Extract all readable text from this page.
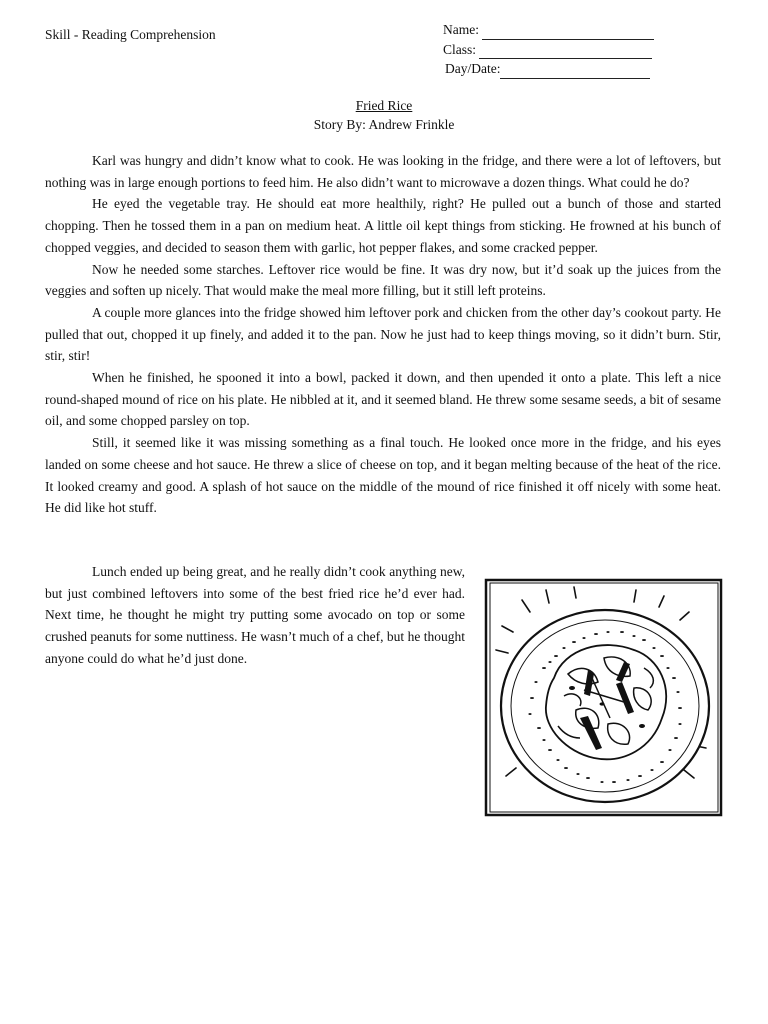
Skill - Reading Comprehension	Name:
Class:
Day/Date:
Fried Rice
Story By: Andrew Frinkle

Karl was hungry and didn’t know what to cook. He was looking in the fridge, and there were a lot of leftovers, but nothing was in large enough portions to feed him. He also didn’t want to microwave a dozen things. What could he do?

He eyed the vegetable tray. He should eat more healthily, right? He pulled out a bunch of those and started chopping. Then he tossed them in a pan on medium heat. A little oil kept things from sticking. He frowned at his bunch of chopped veggies, and decided to season them with garlic, hot pepper flakes, and some cracked pepper.

Now he needed some starches. Leftover rice would be fine. It was dry now, but it’d soak up the juices from the veggies and soften up nicely. That would make the meal more filling, but it still left proteins.

A couple more glances into the fridge showed him leftover pork and chicken from the other day’s cookout party. He pulled that out, chopped it up finely, and added it to the pan. Now he just had to keep things moving, so it didn’t burn. Stir, stir, stir!

When he finished, he spooned it into a bowl, packed it down, and then upended it onto a plate. This left a nice round-shaped mound of rice on his plate. He nibbled at it, and it seemed bland. He threw some sesame seeds, a bit of sesame oil, and some chopped parsley on top.

Still, it seemed like it was missing something as a final touch. He looked once more in the fridge, and his eyes landed on some cheese and hot sauce. He threw a slice of cheese on top, and it began melting because of the heat of the rice. It looked creamy and good. A splash of hot sauce on the middle of the mound of rice finished it off nicely with some heat. He did like hot stuff.

Lunch ended up being great, and he really didn’t cook anything new, but just combined leftovers into some of the best fried rice he’d ever had. Next time, he thought he might try putting some avocado on top or some crushed peanuts for some nuttiness. He wasn’t much of a chef, but he thought anyone could do what he’d just done.
